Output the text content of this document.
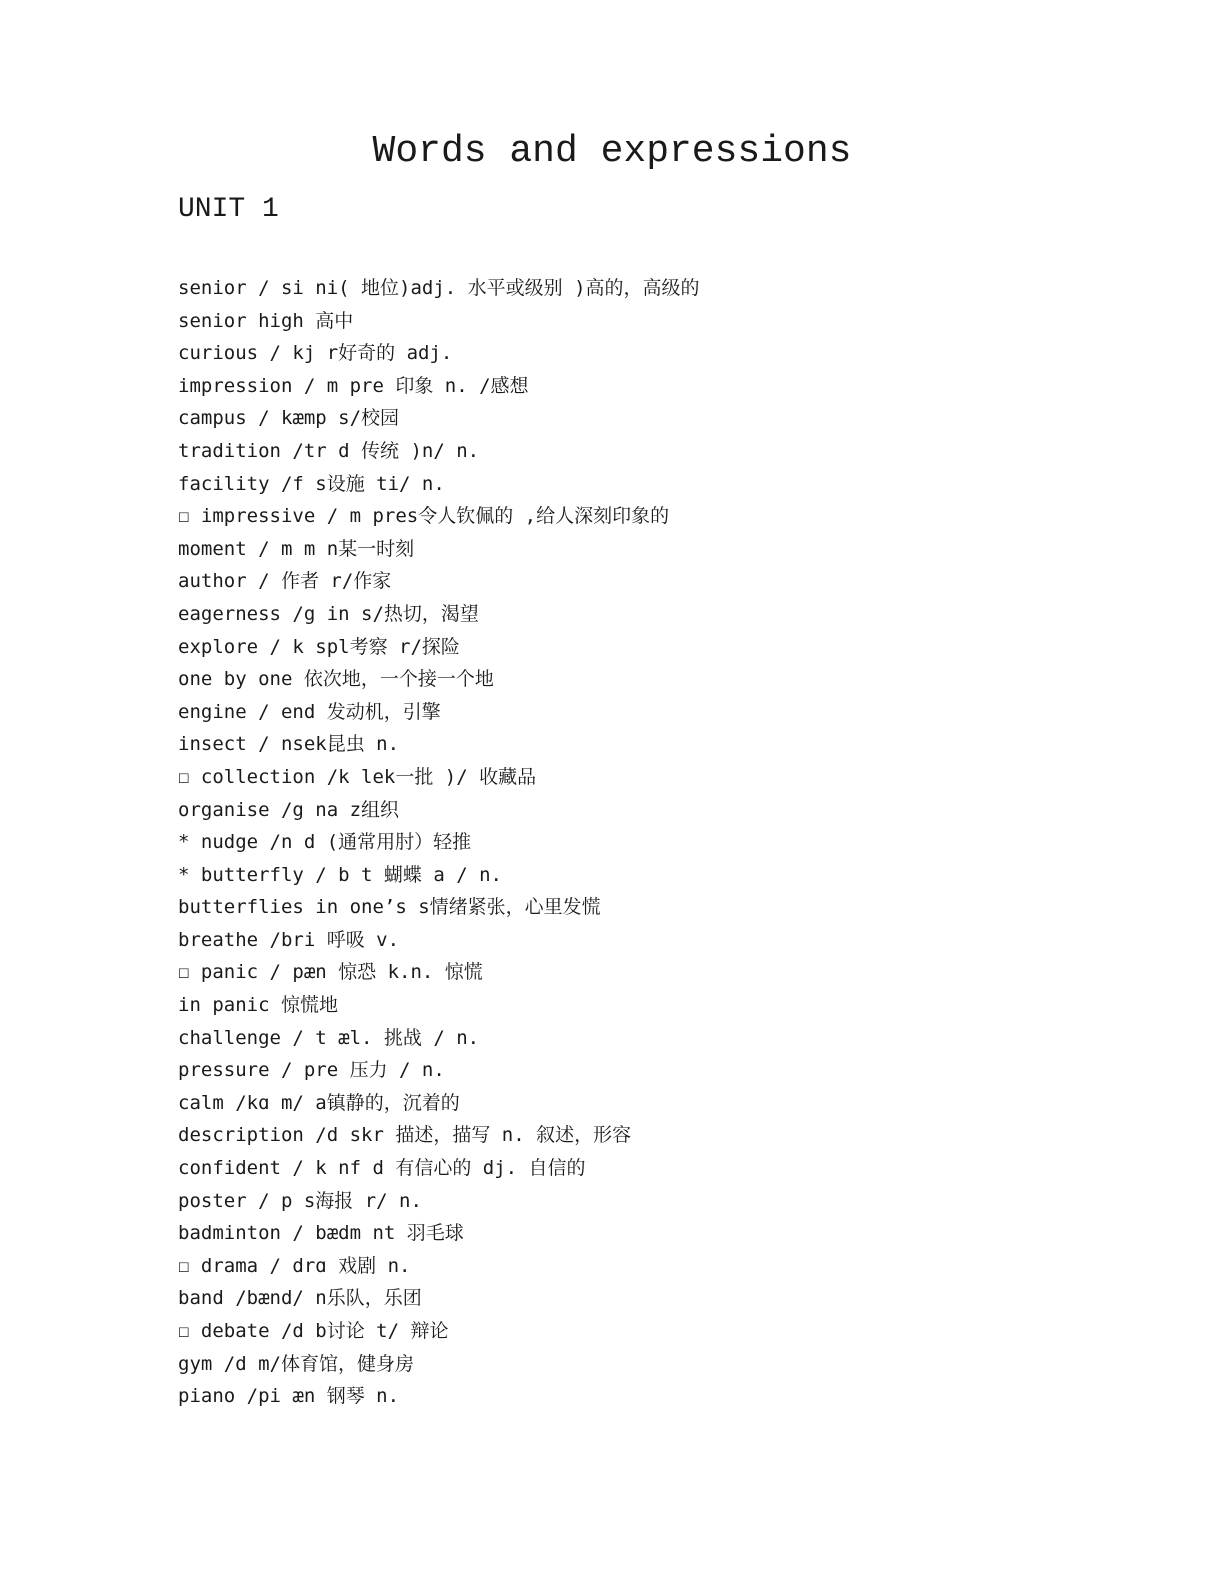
Words and expressions
UNIT 1
senior / si ni( 地位)adj. 水平或级别 )高的，高级的
senior high 高中
curious / kj r好奇的 adj.
impression / m pre 印象 n. /感想
campus / kæmp s/校园
tradition /tr d 传统 )n/ n.
facility /f s设施 ti/ n.
☐ impressive / m pres令人钦佩的 ,给人深刻印象的
moment / m m n某一时刻
author / 作者 r/作家
eagerness /g in s/热切，渴望
explore / k spl考察 r/探险
one by one 依次地，一个接一个地
engine / end 发动机，引擎
insect / nsek昆虫 n.
☐ collection /k lek一批 )/ 收藏品
organise /g na z组织
* nudge /n d (通常用肘）轻推
* butterfly / b t 蝴蝶 a / n.
butterflies in one’s s情绪紧张，心里发慌
breathe /bri 呼吸 v.
☐ panic / pæn 惊恐 k.n. 惊慌
in panic 惊慌地
challenge / t æl. 挑战 / n.
pressure / pre 压力 / n.
calm /kɑ m/ a镇静的，沉着的
description /d skr 描述，描写 n. 叙述，形容
confident / k nf d 有信心的 dj. 自信的
poster / p s海报 r/ n.
badminton / bædm nt 羽毛球
☐ drama / drɑ 戏剧 n.
band /bænd/ n乐队，乐团
☐ debate /d b讨论 t/ 辩论
gym /d m/体育馆，健身房
piano /pi æn 钢琴 n.
